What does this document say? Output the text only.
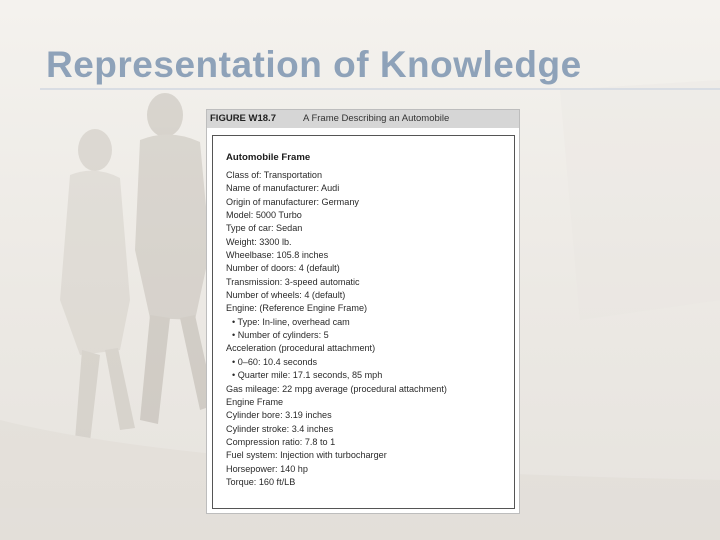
Representation of Knowledge
FIGURE W18.7	A Frame Describing an Automobile
Automobile Frame
Class of: Transportation
Name of manufacturer: Audi
Origin of manufacturer: Germany
Model: 5000 Turbo
Type of car: Sedan
Weight: 3300 lb.
Wheelbase: 105.8 inches
Number of doors: 4 (default)
Transmission: 3-speed automatic
Number of wheels: 4 (default)
Engine: (Reference Engine Frame)
• Type: In-line, overhead cam
• Number of cylinders: 5
Acceleration (procedural attachment)
• 0–60: 10.4 seconds
• Quarter mile: 17.1 seconds, 85 mph
Gas mileage: 22 mpg average (procedural attachment)
Engine Frame
Cylinder bore: 3.19 inches
Cylinder stroke: 3.4 inches
Compression ratio: 7.8 to 1
Fuel system: Injection with turbocharger
Horsepower: 140 hp
Torque: 160 ft/LB
